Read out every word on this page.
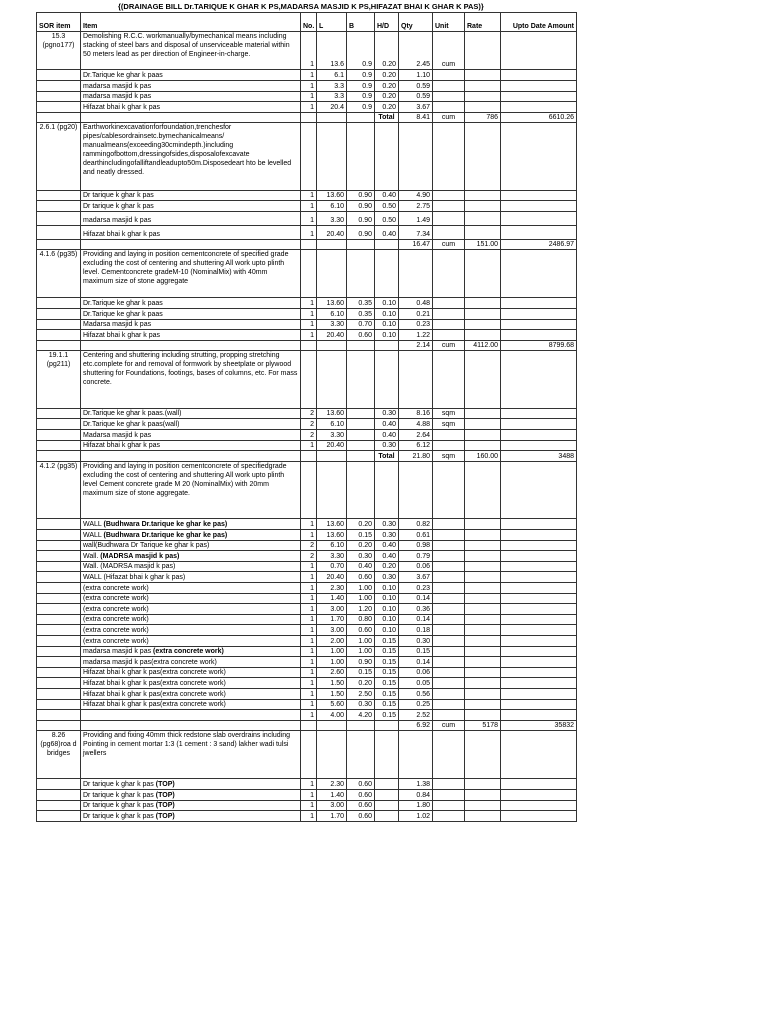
{(DRAINAGE BILL Dr.TARIQUE K GHAR K PS,MADARSA MASJID K PS,HIFAZAT BHAI K GHAR K PAS)}
SOR item	Item	No.	L	B	H/D	Qty	Unit	Rate	Upto Date Amount
15.3 (pgno177)	Demolishing R.C.C. workmanually/bymechanical means including stacking of steel bars and disposal of unserviceable material within 50 meters lead as per direction of Engineer-in-charge.	1	13.6	0.9	0.20	2.45	cum		
	Dr.Tarique ke ghar k paas	1	6.1	0.9	0.20	1.10			
	madarsa masjid k pas	1	3.3	0.9	0.20	0.59			
	madarsa masjid k pas	1	3.3	0.9	0.20	0.59			
	Hifazat bhai k ghar k pas	1	20.4	0.9	0.20	3.67			
					Total	8.41	cum	786	6610.26
2.6.1 (pg20)	Earthworkinexcavationforfoundation,trenchesfor pipes/cablesordrainsetc.bymechanicalmeans/ manualmeans(exceeding30cmindepth.)including rammingofbottom,dressingofsides,disposalofexcavate dearthincludingofalliftandleadupto50m.Disposedeart hto be levelled and neatly dressed.								
	Dr tarique k ghar k pas	1	13.60	0.90	0.40	4.90			
	Dr tarique k ghar k pas	1	6.10	0.90	0.50	2.75			
	madarsa masjid k pas	1	3.30	0.90	0.50	1.49			
	Hifazat bhai k ghar k pas	1	20.40	0.90	0.40	7.34			
						16.47	cum	151.00	2486.97
4.1.6 (pg35)	Providing and laying in position cementconcrete of specified grade excluding the cost of centering and shuttering All work upto plinth level. Cementconcrete gradeM-10 (NominalMix) with 40mm maximum size of stone aggregate								
	Dr.Tarique ke ghar k paas	1	13.60	0.35	0.10	0.48			
	Dr.Tarique ke ghar k paas	1	6.10	0.35	0.10	0.21			
	Madarsa masjid k pas	1	3.30	0.70	0.10	0.23			
	Hifazat bhai k ghar k pas	1	20.40	0.60	0.10	1.22			
						2.14	cum	4112.00	8799.68
19.1.1 (pg211)	Centering and shuttering including strutting, propping stretching etc.complete for and removal of formwork by sheetplate or plywood shuttering for Foundations, footings, bases of columns, etc. For mass concrete.								
	Dr.Tarique ke ghar k paas.(wall)	2	13.60		0.30	8.16	sqm		
	Dr.Tarique ke ghar k paas(wall)	2	6.10		0.40	4.88	sqm		
	Madarsa masjid k pas	2	3.30		0.40	2.64			
	Hifazat bhai k ghar k pas	1	20.40		0.30	6.12			
					Total	21.80	sqm	160.00	3488
4.1.2 (pg35)	Providing and laying in position cementconcrete of specifiedgrade excluding the cost of centering and shuttering All work upto plinth level Cement concrete grade M 20 (NominalMix) with 20mm maximum size of stone aggregate.								
	WALL (Budhwara Dr.tarique ke ghar ke pas)	1	13.60	0.20	0.30	0.82			
	WALL (Budhwara Dr.tarique ke ghar ke pas)	1	13.60	0.15	0.30	0.61			
	wall(Budhwara Dr Tarique ke ghar k pas)	2	6.10	0.20	0.40	0.98			
	Wall. (MADRSA masjid k pas)	2	3.30	0.30	0.40	0.79			
	Wall. (MADRSA masjid k pas)	1	0.70	0.40	0.20	0.06			
	WALL (Hifazat bhai k ghar k pas)	1	20.40	0.60	0.30	3.67			
	(extra concrete work)	1	2.30	1.00	0.10	0.23			
	(extra concrete work)	1	1.40	1.00	0.10	0.14			
	(extra concrete work)	1	3.00	1.20	0.10	0.36			
	(extra concrete work)	1	1.70	0.80	0.10	0.14			
	(extra concrete work)	1	3.00	0.60	0.10	0.18			
	(extra concrete work)	1	2.00	1.00	0.15	0.30			
	madarsa masjid k pas (extra concrete work)	1	1.00	1.00	0.15	0.15			
	madarsa masjid k pas(extra concrete work)	1	1.00	0.90	0.15	0.14			
	Hifazat bhai k ghar k pas(extra concrete work)	1	2.60	0.15	0.15	0.06			
	Hifazat bhai k ghar k pas(extra concrete work)	1	1.50	0.20	0.15	0.05			
	Hifazat bhai k ghar k pas(extra concrete work)	1	1.50	2.50	0.15	0.56			
	Hifazat bhai k ghar k pas(extra concrete work)	1	5.60	0.30	0.15	0.25			
		1	4.00	4.20	0.15	2.52			
						6.92	cum	5178	35832
8.26 (pg68)roa d bridges	Providing and fixing 40mm thick redstone slab overdrains including Pointing in cement mortar 1:3 (1 cement : 3 sand) lakher wadi tulsi jwellers								
	Dr tarique k ghar k pas (TOP)	1	2.30	0.60		1.38			
	Dr tarique k ghar k pas (TOP)	1	1.40	0.60		0.84			
	Dr tarique k ghar k pas (TOP)	1	3.00	0.60		1.80			
	Dr tarique k ghar k pas (TOP)	1	1.70	0.60		1.02			
